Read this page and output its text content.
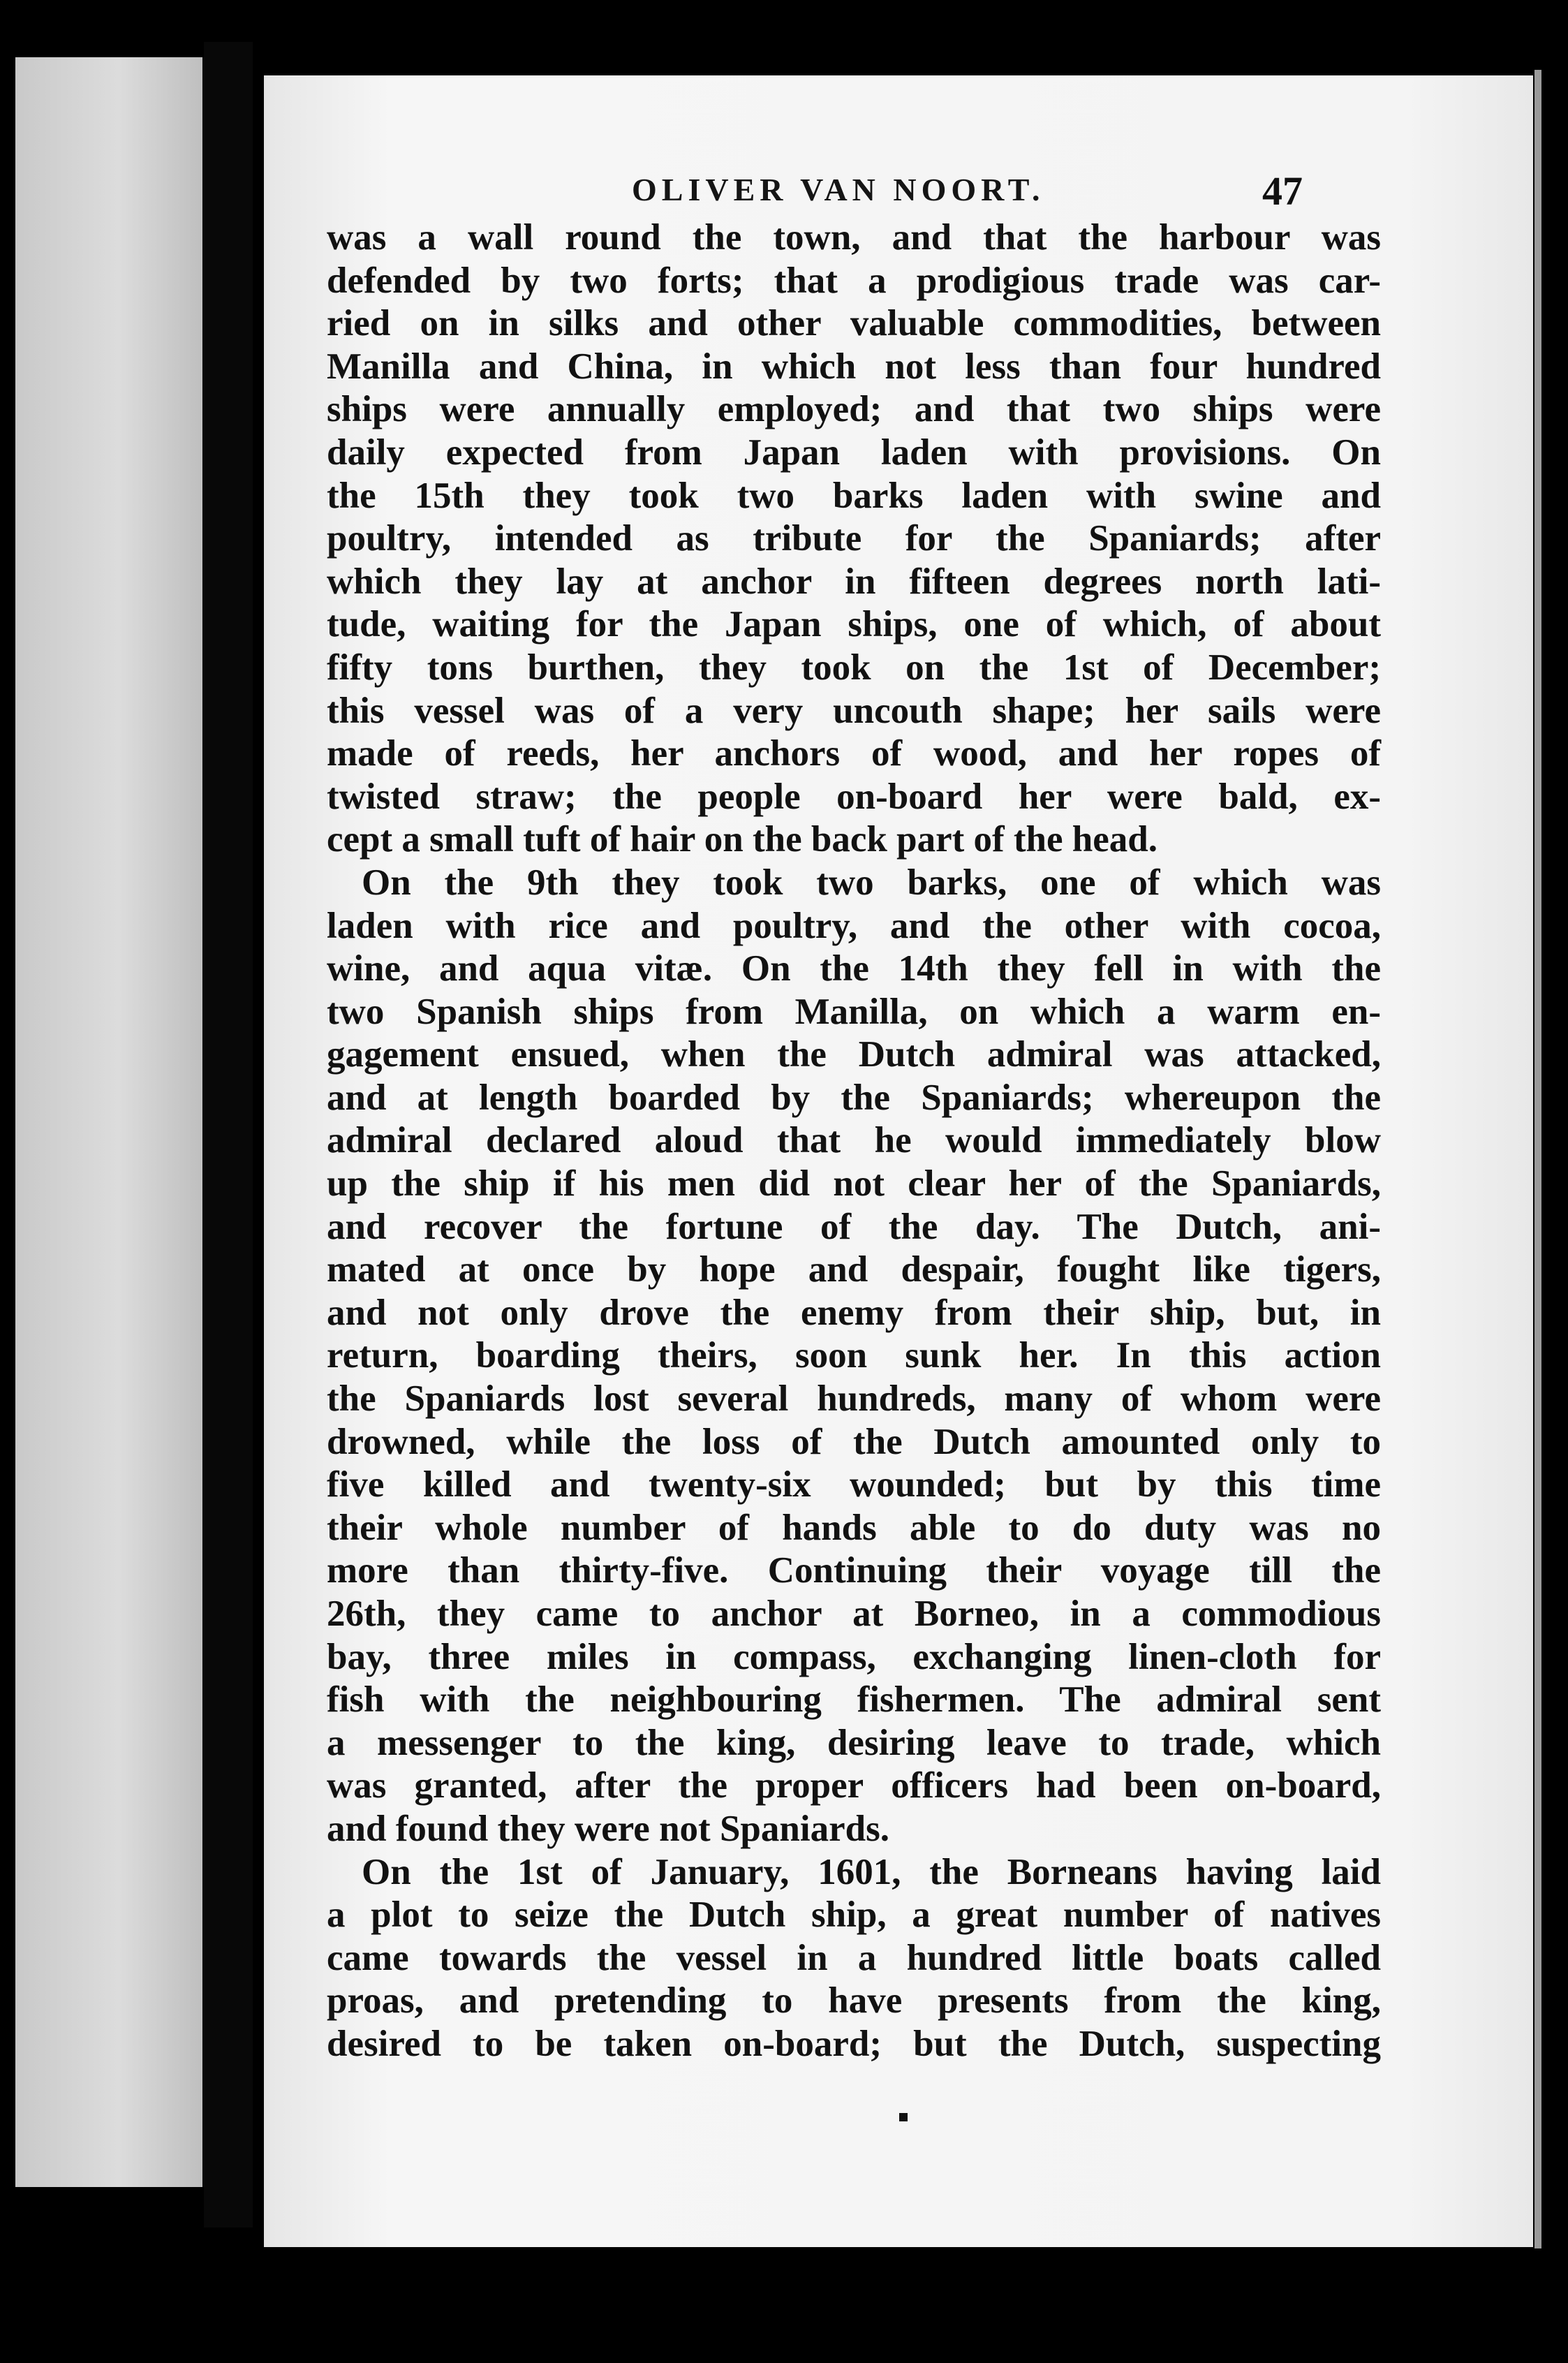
OLIVER VAN NOORT.	47
was a wall round the town, and that the harbour was
defended by two forts; that a prodigious trade was car-
ried on in silks and other valuable commodities, between
Manilla and China, in which not less than four hundred
ships were annually employed; and that two ships were
daily expected from Japan laden with provisions. On
the 15th they took two barks laden with swine and
poultry, intended as tribute for the Spaniards; after
which they lay at anchor in fifteen degrees north lati-
tude, waiting for the Japan ships, one of which, of about
fifty tons burthen, they took on the 1st of December;
this vessel was of a very uncouth shape; her sails were
made of reeds, her anchors of wood, and her ropes of
twisted straw; the people on-board her were bald, ex-
cept a small tuft of hair on the back part of the head.
On the 9th they took two barks, one of which was
laden with rice and poultry, and the other with cocoa,
wine, and aqua vitæ. On the 14th they fell in with the
two Spanish ships from Manilla, on which a warm en-
gagement ensued, when the Dutch admiral was attacked,
and at length boarded by the Spaniards; whereupon the
admiral declared aloud that he would immediately blow
up the ship if his men did not clear her of the Spaniards,
and recover the fortune of the day. The Dutch, ani-
mated at once by hope and despair, fought like tigers,
and not only drove the enemy from their ship, but, in
return, boarding theirs, soon sunk her. In this action
the Spaniards lost several hundreds, many of whom were
drowned, while the loss of the Dutch amounted only to
five killed and twenty-six wounded; but by this time
their whole number of hands able to do duty was no
more than thirty-five. Continuing their voyage till the
26th, they came to anchor at Borneo, in a commodious
bay, three miles in compass, exchanging linen-cloth for
fish with the neighbouring fishermen. The admiral sent
a messenger to the king, desiring leave to trade, which
was granted, after the proper officers had been on-board,
and found they were not Spaniards.
On the 1st of January, 1601, the Borneans having laid
a plot to seize the Dutch ship, a great number of natives
came towards the vessel in a hundred little boats called
proas, and pretending to have presents from the king,
desired to be taken on-board; but the Dutch, suspecting
